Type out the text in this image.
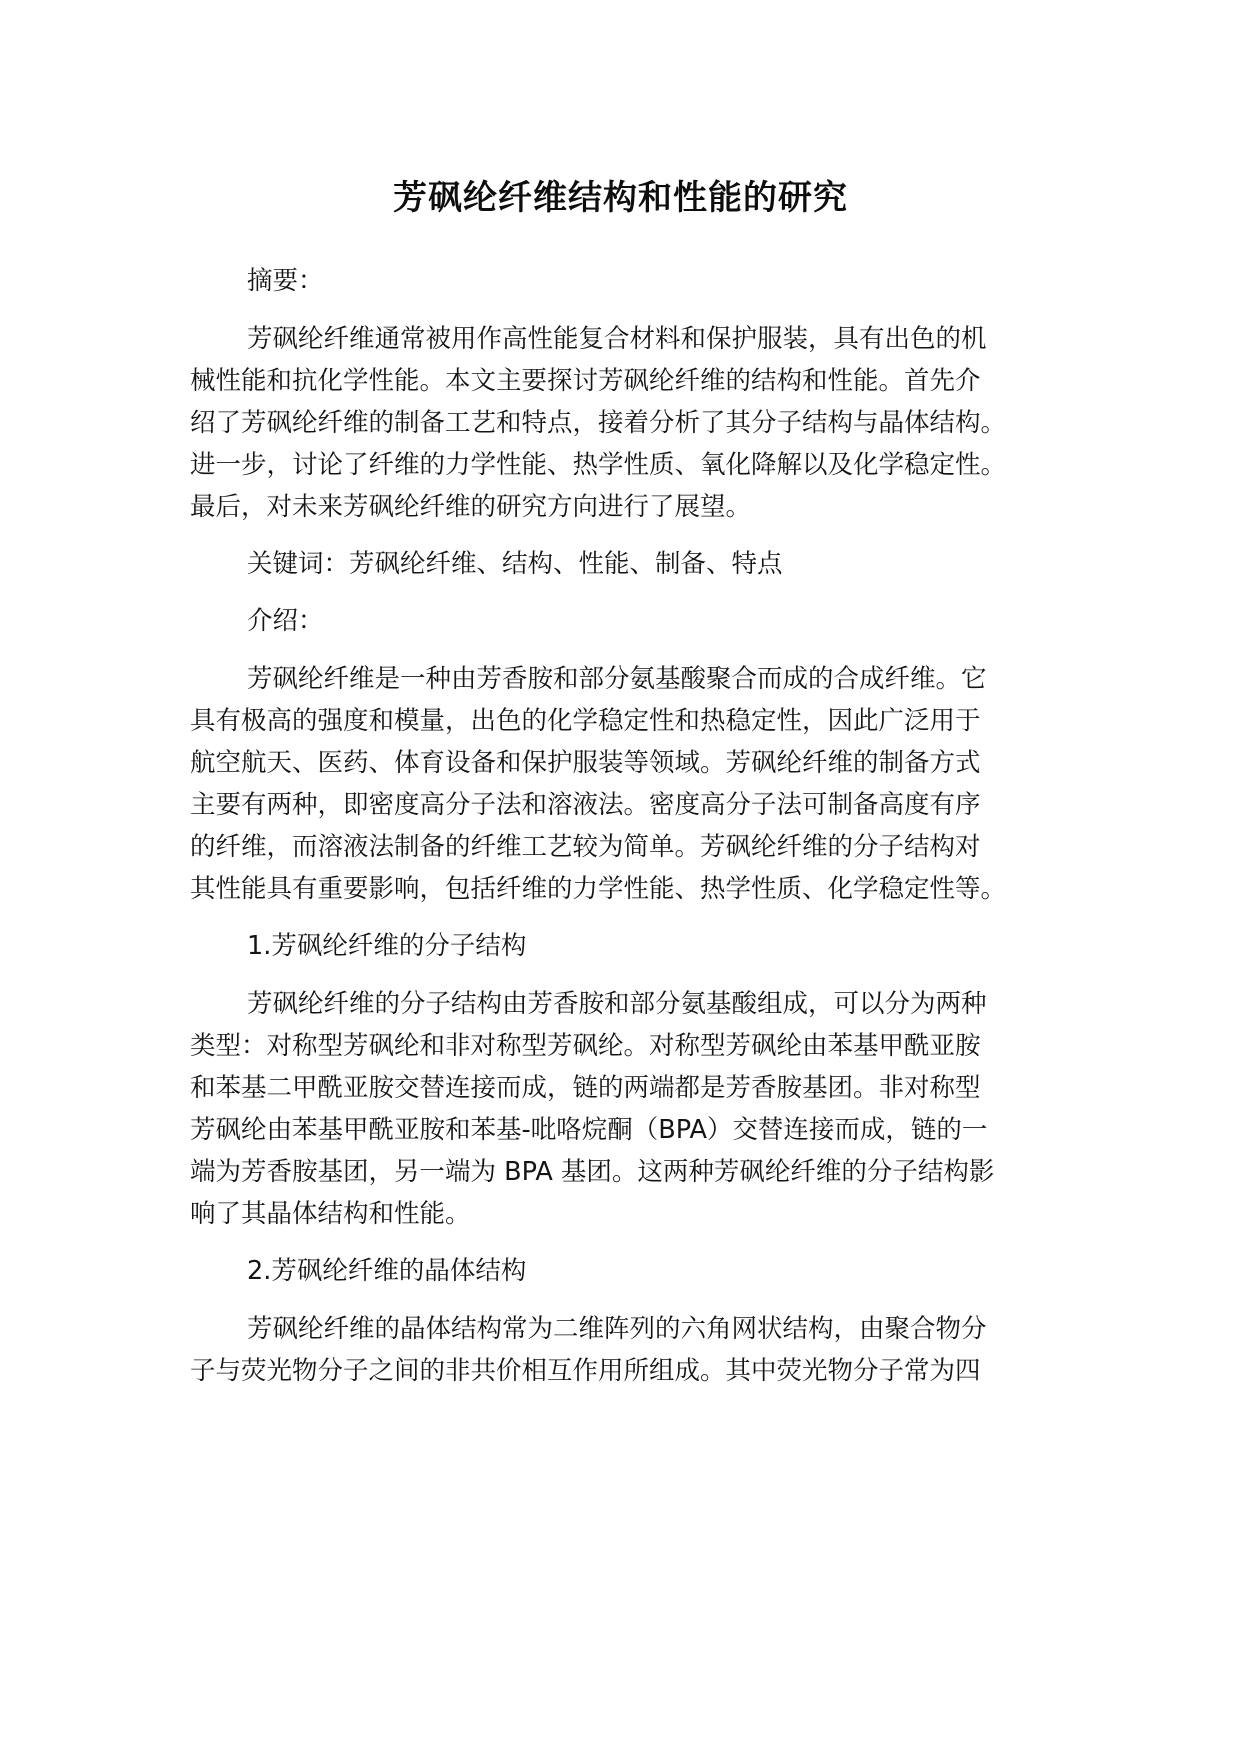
芳砜纶纤维结构和性能的研究
摘要：
芳砜纶纤维通常被用作高性能复合材料和保护服装，具有出色的机
械性能和抗化学性能。本文主要探讨芳砜纶纤维的结构和性能。首先介
绍了芳砜纶纤维的制备工艺和特点，接着分析了其分子结构与晶体结构。
进一步，讨论了纤维的力学性能、热学性质、氧化降解以及化学稳定性。
最后，对未来芳砜纶纤维的研究方向进行了展望。
关键词：芳砜纶纤维、结构、性能、制备、特点
介绍：
芳砜纶纤维是一种由芳香胺和部分氨基酸聚合而成的合成纤维。它
具有极高的强度和模量，出色的化学稳定性和热稳定性，因此广泛用于
航空航天、医药、体育设备和保护服装等领域。芳砜纶纤维的制备方式
主要有两种，即密度高分子法和溶液法。密度高分子法可制备高度有序
的纤维，而溶液法制备的纤维工艺较为简单。芳砜纶纤维的分子结构对
其性能具有重要影响，包括纤维的力学性能、热学性质、化学稳定性等。
1.芳砜纶纤维的分子结构
芳砜纶纤维的分子结构由芳香胺和部分氨基酸组成，可以分为两种
类型：对称型芳砜纶和非对称型芳砜纶。对称型芳砜纶由苯基甲酰亚胺
和苯基二甲酰亚胺交替连接而成，链的两端都是芳香胺基团。非对称型
芳砜纶由苯基甲酰亚胺和苯基-吡咯烷酮（BPA）交替连接而成，链的一
端为芳香胺基团，另一端为 BPA 基团。这两种芳砜纶纤维的分子结构影
响了其晶体结构和性能。
2.芳砜纶纤维的晶体结构
芳砜纶纤维的晶体结构常为二维阵列的六角网状结构，由聚合物分
子与荧光物分子之间的非共价相互作用所组成。其中荧光物分子常为四
